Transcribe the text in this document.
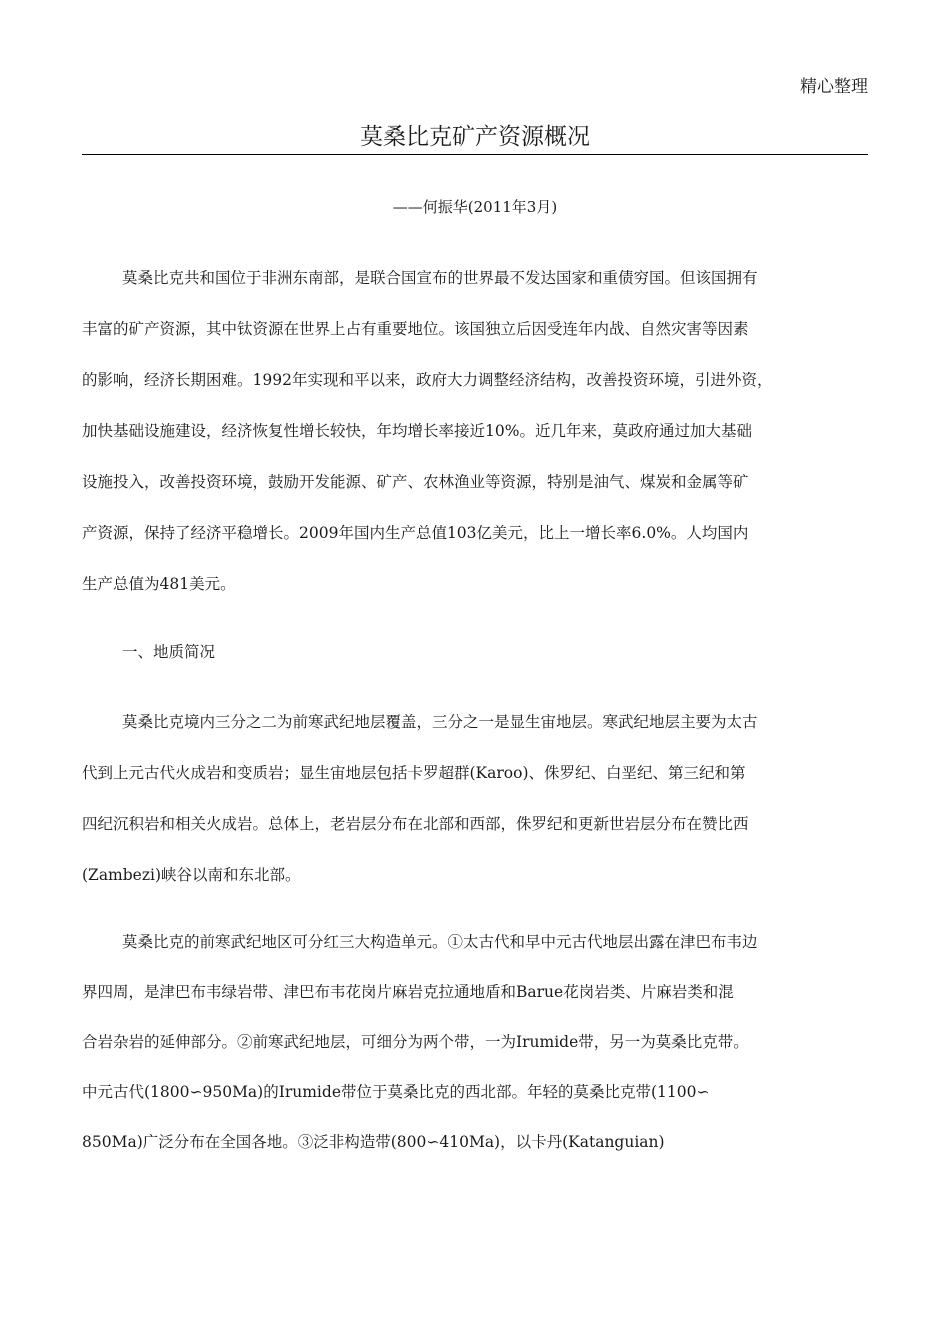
精心整理
莫桑比克矿产资源概况
——何振华(2011年3月)
莫桑比克共和国位于非洲东南部，是联合国宣布的世界最不发达国家和重债穷国。但该国拥有
丰富的矿产资源，其中钛资源在世界上占有重要地位。该国独立后因受连年内战、自然灾害等因素
的影响，经济长期困难。1992年实现和平以来，政府大力调整经济结构，改善投资环境，引进外资，
加快基础设施建设，经济恢复性增长较快，年均增长率接近10%。近几年来，莫政府通过加大基础
设施投入，改善投资环境，鼓励开发能源、矿产、农林渔业等资源，特别是油气、煤炭和金属等矿
产资源，保持了经济平稳增长。2009年国内生产总值103亿美元，比上一增长率6.0%。人均国内
生产总值为481美元。
一、地质简况
莫桑比克境内三分之二为前寒武纪地层覆盖，三分之一是显生宙地层。寒武纪地层主要为太古
代到上元古代火成岩和变质岩；显生宙地层包括卡罗超群(Karoo)、侏罗纪、白垩纪、第三纪和第
四纪沉积岩和相关火成岩。总体上，老岩层分布在北部和西部，侏罗纪和更新世岩层分布在赞比西
(Zambezi)峡谷以南和东北部。
莫桑比克的前寒武纪地区可分红三大构造单元。①太古代和早中元古代地层出露在津巴布韦边
界四周，是津巴布韦绿岩带、津巴布韦花岗片麻岩克拉通地盾和Barue花岗岩类、片麻岩类和混
合岩杂岩的延伸部分。②前寒武纪地层，可细分为两个带，一为Irumide带，另一为莫桑比克带。
中元古代(1800∽950Ma)的Irumide带位于莫桑比克的西北部。年轻的莫桑比克带(1100∽
850Ma)广泛分布在全国各地。③泛非构造带(800∽410Ma)，以卡丹(Katanguian)
